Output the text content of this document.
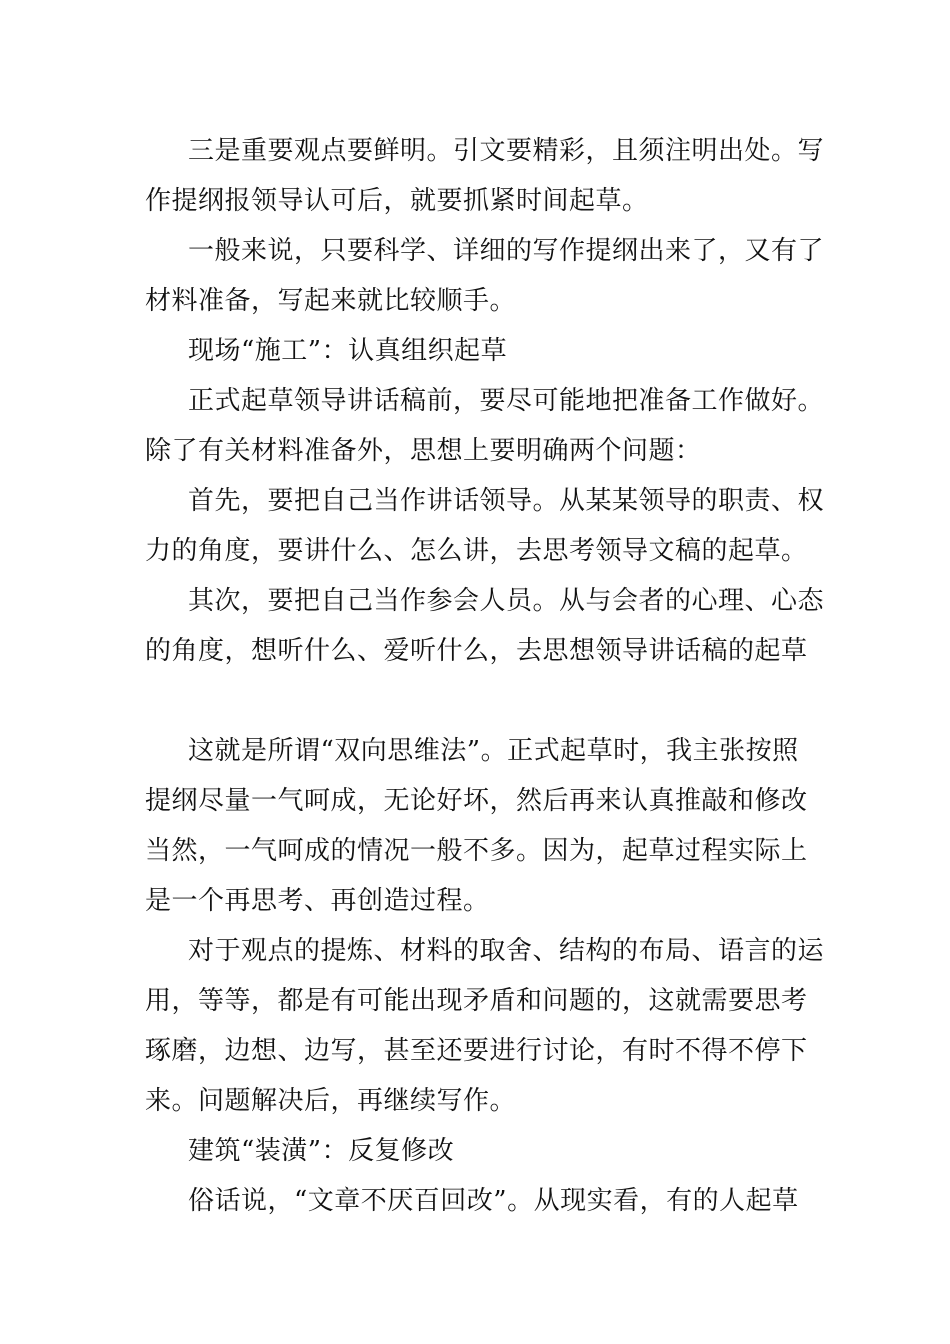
三是重要观点要鲜明。引文要精彩，且须注明出处。写
作提纲报领导认可后，就要抓紧时间起草。
一般来说，只要科学、详细的写作提纲出来了，又有了
材料准备，写起来就比较顺手。
现场“施工”：认真组织起草
正式起草领导讲话稿前，要尽可能地把准备工作做好。
除了有关材料准备外，思想上要明确两个问题：
首先，要把自己当作讲话领导。从某某领导的职责、权
力的角度，要讲什么、怎么讲，去思考领导文稿的起草。
其次，要把自己当作参会人员。从与会者的心理、心态
的角度，想听什么、爱听什么，去思想领导讲话稿的起草
这就是所谓“双向思维法”。正式起草时，我主张按照
提纲尽量一气呵成，无论好坏，然后再来认真推敲和修改
当然，一气呵成的情况一般不多。因为，起草过程实际上
是一个再思考、再创造过程。
对于观点的提炼、材料的取舍、结构的布局、语言的运
用，等等，都是有可能出现矛盾和问题的，这就需要思考
琢磨，边想、边写，甚至还要进行讨论，有时不得不停下
来。问题解决后，再继续写作。
建筑“装潢”：反复修改
俗话说，“文章不厌百回改”。从现实看，有的人起草
